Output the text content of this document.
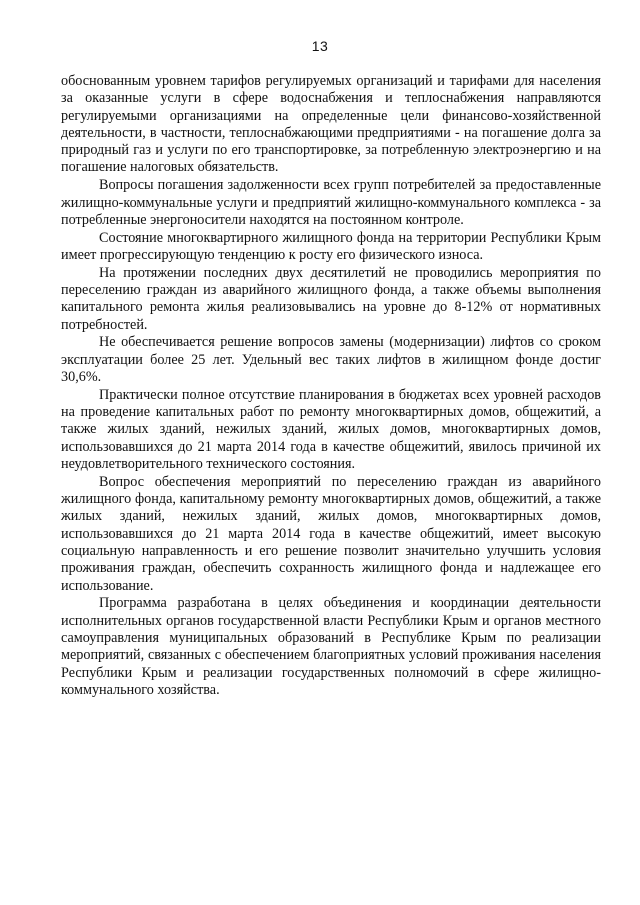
13

обоснованным уровнем тарифов регулируемых организаций и тарифами для населения за оказанные услуги в сфере водоснабжения и теплоснабжения направляются регулируемыми организациями на определенные цели финансово-хозяйственной деятельности, в частности, теплоснабжающими предприятиями - на погашение долга за природный газ и услуги по его транспортировке, за потребленную электроэнергию и на погашение налоговых обязательств.

Вопросы погашения задолженности всех групп потребителей за предоставленные жилищно-коммунальные услуги и предприятий жилищно-коммунального комплекса - за потребленные энергоносители находятся на постоянном контроле.

Состояние многоквартирного жилищного фонда на территории Республики Крым имеет прогрессирующую тенденцию к росту его физического износа.

На протяжении последних двух десятилетий не проводились мероприятия по переселению граждан из аварийного жилищного фонда, а также объемы выполнения капитального ремонта жилья реализовывались на уровне до 8-12% от нормативных потребностей.

Не обеспечивается решение вопросов замены (модернизации) лифтов со сроком эксплуатации более 25 лет. Удельный вес таких лифтов в жилищном фонде достиг 30,6%.

Практически полное отсутствие планирования в бюджетах всех уровней расходов на проведение капитальных работ по ремонту многоквартирных домов, общежитий, а также жилых зданий, нежилых зданий, жилых домов, многоквартирных домов, использовавшихся до 21 марта 2014 года в качестве общежитий, явилось причиной их неудовлетворительного технического состояния.

Вопрос обеспечения мероприятий по переселению граждан из аварийного жилищного фонда, капитальному ремонту многоквартирных домов, общежитий, а также жилых зданий, нежилых зданий, жилых домов, многоквартирных домов, использовавшихся до 21 марта 2014 года в качестве общежитий, имеет высокую социальную направленность и его решение позволит значительно улучшить условия проживания граждан, обеспечить сохранность жилищного фонда и надлежащее его использование.

Программа разработана в целях объединения и координации деятельности исполнительных органов государственной власти Республики Крым и органов местного самоуправления муниципальных образований в Республике Крым по реализации мероприятий, связанных с обеспечением благоприятных условий проживания населения Республики Крым и реализации государственных полномочий в сфере жилищно-коммунального хозяйства.
